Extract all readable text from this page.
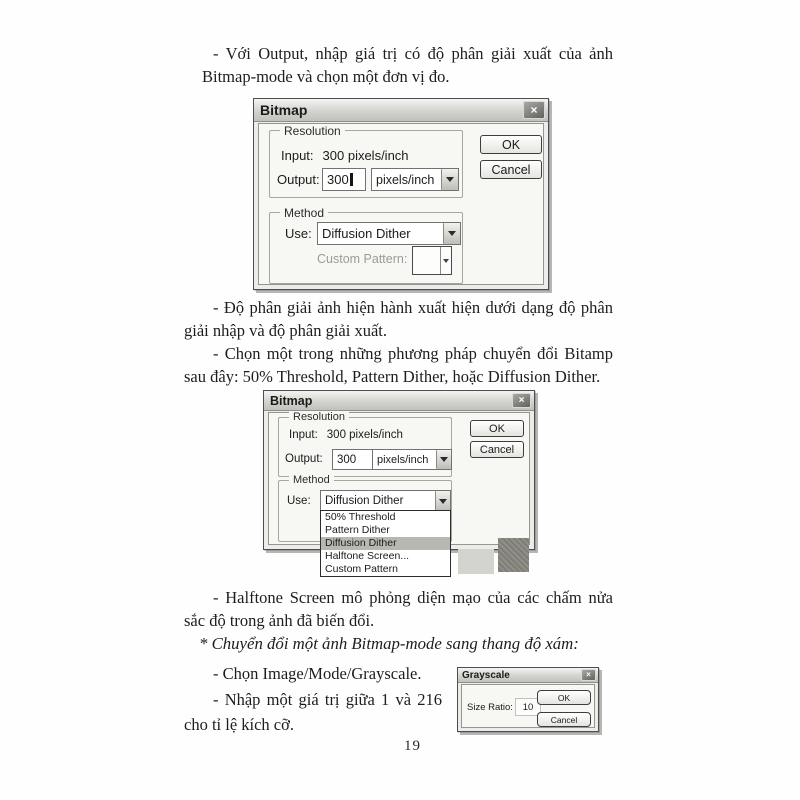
- Với Output, nhập giá trị có độ phân giải xuất của ảnh
Bitmap-mode và chọn một đơn vị đo.
Bitmap	×
Resolution
Input: 300 pixels/inch
Output: 300	pixels/inch
OK
Cancel
Method
Use: Diffusion Dither
Custom Pattern:
- Độ phân giải ảnh hiện hành xuất hiện dưới dạng độ phân
giải nhập và độ phân giải xuất.
- Chọn một trong những phương pháp chuyển đổi Bitamp
sau đây: 50% Threshold, Pattern Dither, hoặc Diffusion Dither.
Bitmap	×
Resolution
Input: 300 pixels/inch
Output: 300	pixels/inch
OK
Cancel
Method
Use:	Diffusion Dither
50% Threshold
Pattern Dither
Diffusion Dither
Halftone Screen...
Custom Pattern
- Halftone Screen mô phỏng diện mạo của các chấm nửa
sắc độ trong ảnh đã biến đổi.
* Chuyển đổi một ảnh Bitmap-mode sang thang độ xám:
- Chọn Image/Mode/Grayscale.
- Nhập một giá trị giữa 1 và 216
cho tỉ lệ kích cỡ.
Grayscale	×
Size Ratio: 10
OK
Cancel
19
